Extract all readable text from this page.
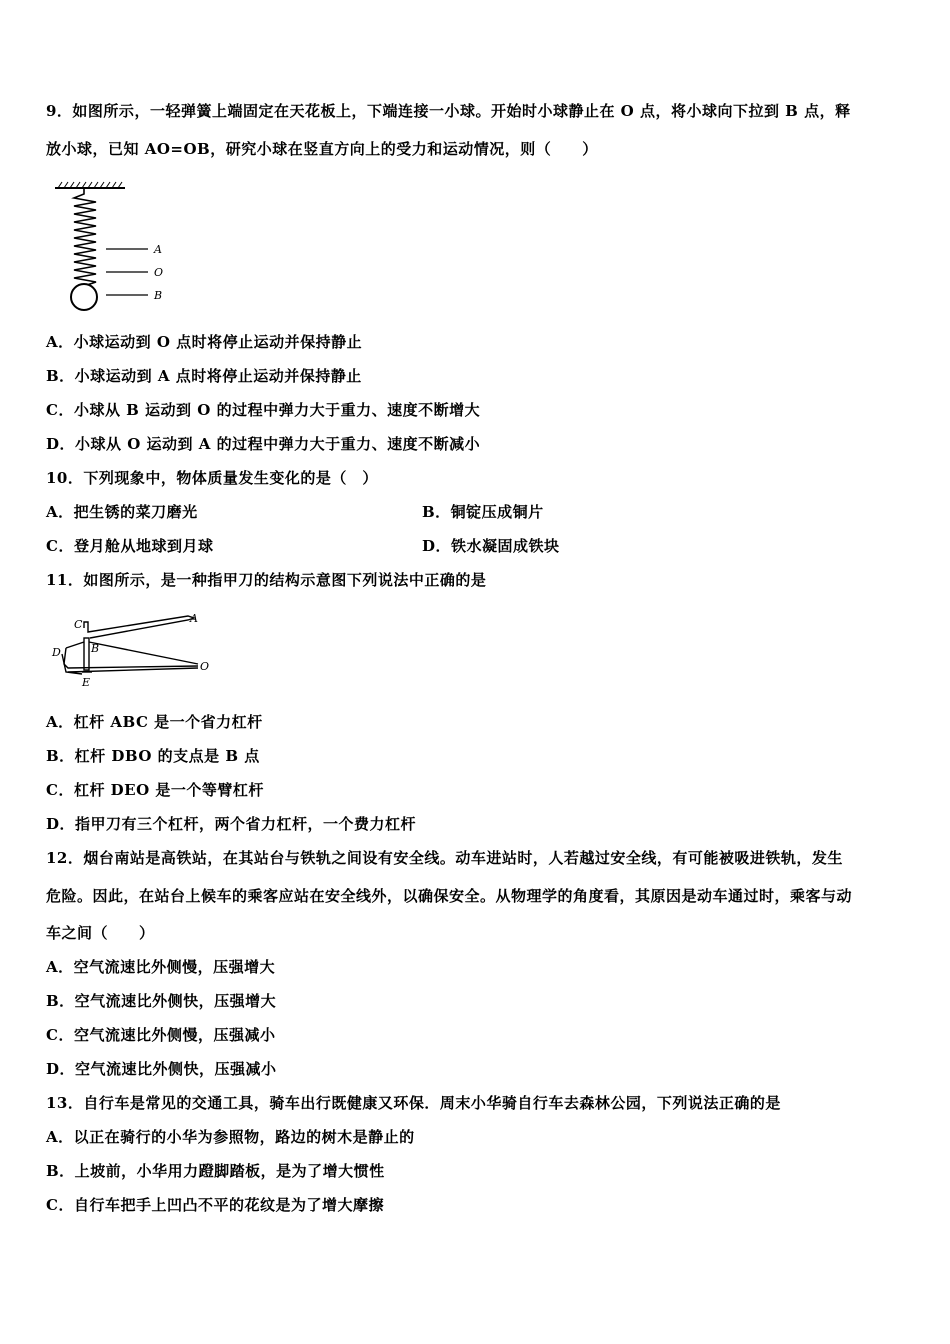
9．如图所示，一轻弹簧上端固定在天花板上，下端连接一小球。开始时小球静止在 O 点，将小球向下拉到 B 点，释
放小球，已知 AO=OB，研究小球在竖直方向上的受力和运动情况，则（　　）
A
O
B
A．小球运动到 O 点时将停止运动并保持静止
B．小球运动到 A 点时将停止运动并保持静止
C．小球从 B 运动到 O 的过程中弹力大于重力、速度不断增大
D．小球从 O 运动到 A 的过程中弹力大于重力、速度不断减小
10．下列现象中，物体质量发生变化的是（　）
A．把生锈的菜刀磨光	B．铜锭压成铜片
C．登月舱从地球到月球	D．铁水凝固成铁块
11．如图所示，是一种指甲刀的结构示意图下列说法中正确的是
C	A
B
D
O
E
A．杠杆 ABC 是一个省力杠杆
B．杠杆 DBO 的支点是 B 点
C．杠杆 DEO 是一个等臂杠杆
D．指甲刀有三个杠杆，两个省力杠杆，一个费力杠杆
12．烟台南站是高铁站，在其站台与铁轨之间设有安全线。动车进站时，人若越过安全线，有可能被吸进铁轨，发生
危险。因此，在站台上候车的乘客应站在安全线外，以确保安全。从物理学的角度看，其原因是动车通过时，乘客与动
车之间（　　）
A．空气流速比外侧慢，压强增大
B．空气流速比外侧快，压强增大
C．空气流速比外侧慢，压强减小
D．空气流速比外侧快，压强减小
13．自行车是常见的交通工具，骑车出行既健康又环保．周末小华骑自行车去森林公园，下列说法正确的是
A．以正在骑行的小华为参照物，路边的树木是静止的
B．上坡前，小华用力蹬脚踏板，是为了增大惯性
C．自行车把手上凹凸不平的花纹是为了增大摩擦
